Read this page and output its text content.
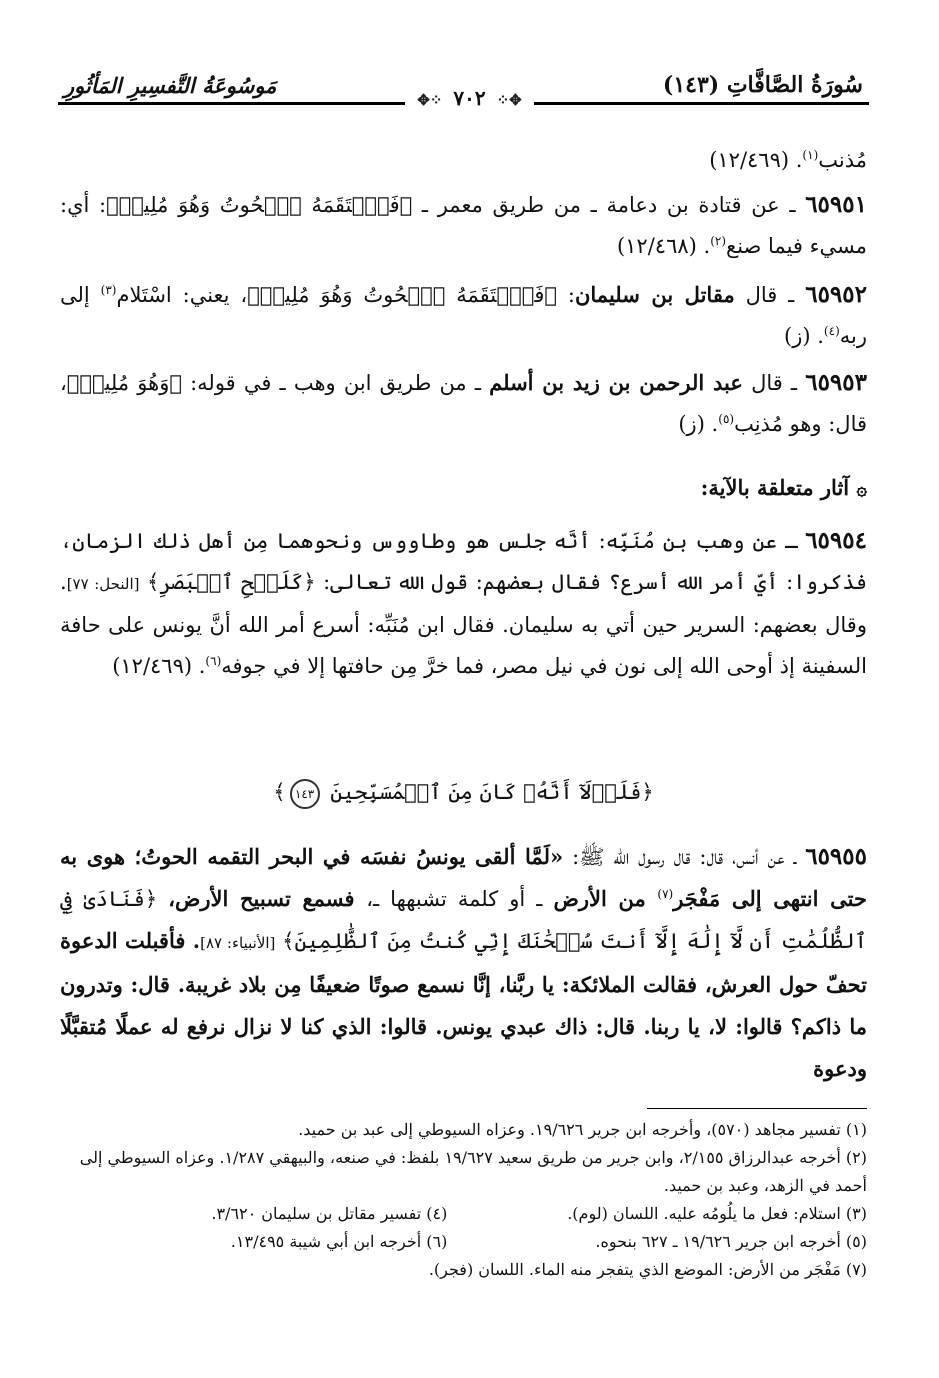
سُورَةُ الصَّافَّاتِ (١٤٣)
مَوسُوعَةُ التَّفسِيرِ المَأثُورِ
✥⁘ ٧٠٢ ⁘✥
مُذنب$^{(١)}$. (١٢/٤٦٩)
٦٥٩٥١ ـ عن قتادة بن دعامة ـ من طريق معمر ـ ﴿فَٱلۡتَقَمَهُ ٱلۡحُوتُ وَهُوَ مُلِيمٞ﴾: أي: مسيء فيما صنع$^{(٢)}$. (١٢/٤٦٨)
٦٥٩٥٢ ـ قال مقاتل بن سليمان: ﴿فَٱلۡتَقَمَهُ ٱلۡحُوتُ وَهُوَ مُلِيمٞ﴾، يعني: اسْتَلام$^{(٣)}$ إلى ربه$^{(٤)}$. (ز)
٦٥٩٥٣ ـ قال عبد الرحمن بن زيد بن أسلم ـ من طريق ابن وهب ـ في قوله: ﴿وَهُوَ مُلِيمٞ﴾، قال: وهو مُذنِب$^{(٥)}$. (ز)
۞ آثار متعلقة بالآية:
٦٥٩٥٤ ـ عن وهب بن مُنَبِّه: أنَّه جلس هو وطاووس ونحوهما مِن أهل ذلك الزمان، فذكروا: أيّ أمر الله أسرع؟ فقال بعضهم: قول الله تعالى: ﴿كَلَمۡحِ ٱلۡبَصَرِ﴾ [النحل: ٧٧]. وقال بعضهم: السرير حين أتي به سليمان. فقال ابن مُنَبِّه: أسرع أمر الله أنَّ يونس على حافة السفينة إذ أوحى الله إلى نون في نيل مصر، فما خرَّ مِن حافتها إلا في جوفه$^{(٦)}$. (١٢/٤٦٩)
﴿فَلَوۡلَآ أَنَّهُۥ كَانَ مِنَ ٱلۡمُسَبِّحِينَ ١٤٣﴾
٦٥٩٥٥ ـ عن أنس، قال: قال رسول الله ﷺ: «لَمَّا ألقى يونسُ نفسَه في البحر التقمه الحوتُ؛ هوى به حتى انتهى إلى مَفْجَر$^{(٧)}$ من الأرض ـ أو كلمة تشبهها ـ، فسمع تسبيح الأرض، ﴿فَنَادَىٰ فِي ٱلظُّلُمَٰتِ أَن لَّآ إِلَٰهَ إِلَّآ أَنتَ سُبۡحَٰنَكَ إِنِّي كُنتُ مِنَ ٱلظَّٰلِمِينَ﴾ [الأنبياء: ٨٧]. فأقبلت الدعوة تحفّ حول العرش، فقالت الملائكة: يا ربَّنا، إنَّا نسمع صوتًا ضعيفًا مِن بلاد غريبة. قال: وتدرون ما ذاكم؟ قالوا: لا، يا ربنا. قال: ذاك عبدي يونس. قالوا: الذي كنا لا نزال نرفع له عملًا مُتقبَّلًا ودعوة
(١) تفسير مجاهد (٥٧٠)، وأخرجه ابن جرير ١٩/٦٢٦. وعزاه السيوطي إلى عبد بن حميد.
(٢) أخرجه عبدالرزاق ٢/١٥٥، وابن جرير من طريق سعيد ١٩/٦٢٧ بلفظ: في صنعه، والبيهقي ١/٢٨٧. وعزاه السيوطي إلى أحمد في الزهد، وعبد بن حميد.
(٣) استلام: فعل ما يلُومُه عليه. اللسان (لوم).
(٤) تفسير مقاتل بن سليمان ٣/٦٢٠.
(٥) أخرجه ابن جرير ١٩/٦٢٦ ـ ٦٢٧ بنحوه.
(٦) أخرجه ابن أبي شيبة ١٣/٤٩٥.
(٧) مَفْجَر من الأرض: الموضع الذي يتفجر منه الماء. اللسان (فجر).
